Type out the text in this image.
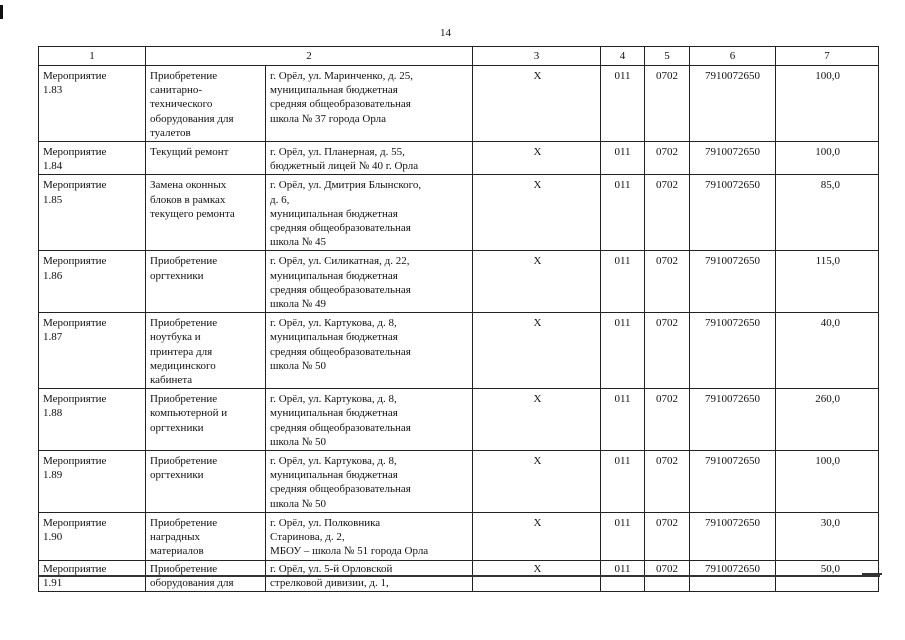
14
1	2		3	4	5	6	7
Мероприятие
1.83	Приобретение
санитарно-
технического
оборудования для
туалетов	г. Орёл, ул. Маринченко, д. 25,
муниципальная бюджетная
средняя общеобразовательная
школа № 37 города Орла	X	011	0702	7910072650	100,0
Мероприятие
1.84	Текущий ремонт	г. Орёл, ул. Планерная, д. 55,
бюджетный лицей № 40 г. Орла	X	011	0702	7910072650	100,0
Мероприятие
1.85	Замена оконных
блоков в рамках
текущего ремонта	г. Орёл, ул. Дмитрия Блынского,
д. 6,
муниципальная бюджетная
средняя общеобразовательная
школа № 45	X	011	0702	7910072650	85,0
Мероприятие
1.86	Приобретение
оргтехники	г. Орёл, ул. Силикатная, д. 22,
муниципальная бюджетная
средняя общеобразовательная
школа № 49	X	011	0702	7910072650	115,0
Мероприятие
1.87	Приобретение
ноутбука и
принтера для
медицинского
кабинета	г. Орёл, ул. Картукова, д. 8,
муниципальная бюджетная
средняя общеобразовательная
школа № 50	X	011	0702	7910072650	40,0
Мероприятие
1.88	Приобретение
компьютерной и
оргтехники	г. Орёл, ул. Картукова, д. 8,
муниципальная бюджетная
средняя общеобразовательная
школа № 50	X	011	0702	7910072650	260,0
Мероприятие
1.89	Приобретение
оргтехники	г. Орёл, ул. Картукова, д. 8,
муниципальная бюджетная
средняя общеобразовательная
школа № 50	X	011	0702	7910072650	100,0
Мероприятие
1.90	Приобретение
наградных
материалов	г. Орёл, ул. Полковника
Старинова, д. 2,
МБОУ – школа № 51 города Орла	X	011	0702	7910072650	30,0
Мероприятие
1.91	Приобретение
оборудования для	г. Орёл, ул. 5-й Орловской
стрелковой дивизии, д. 1,	X	011	0702	7910072650	50,0
